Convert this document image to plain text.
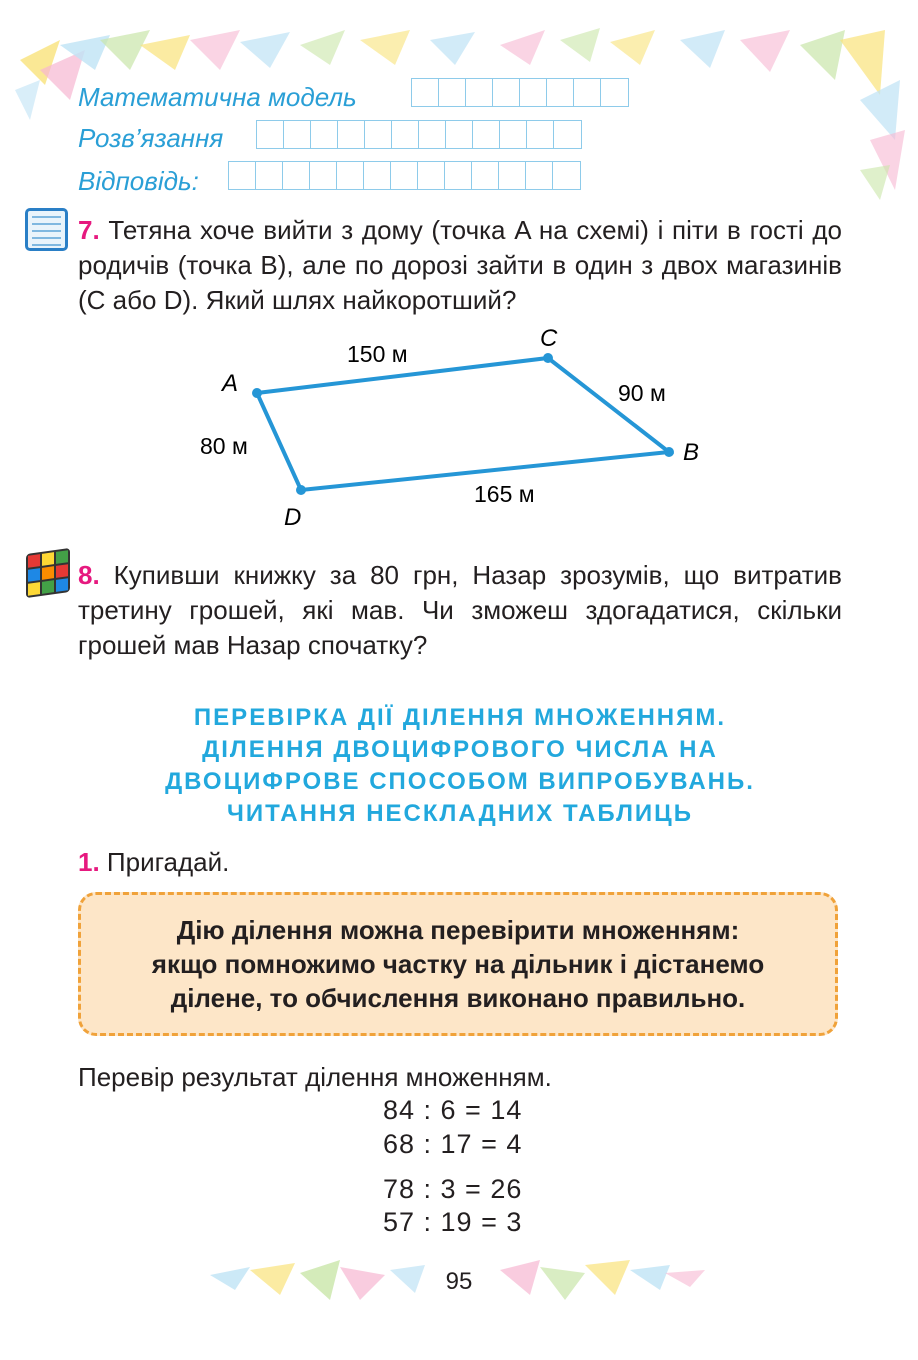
Математична модель
Розв’язання
Відповідь:
7. Тетяна хоче вийти з дому (точка A на схемі) і піти в гості до родичів (точка B), але по дорозі зайти в один з двох магазинів (C або D). Який шлях найкоротший?
A
C
B
D
150 м
90 м
80 м
165 м
8. Купивши книжку за 80 грн, Назар зрозумів, що витратив третину грошей, які мав. Чи зможеш здогадатися, скільки грошей мав Назар спочатку?
ПЕРЕВІРКА ДІЇ ДІЛЕННЯ МНОЖЕННЯМ.
ДІЛЕННЯ ДВОЦИФРОВОГО ЧИСЛА НА
ДВОЦИФРОВЕ СПОСОБОМ ВИПРОБУВАНЬ.
ЧИТАННЯ НЕСКЛАДНИХ ТАБЛИЦЬ
1. Пригадай.
Дію ділення можна перевірити множенням:
якщо помножимо частку на дільник і дістанемо
ділене, то обчислення виконано правильно.
Перевір результат ділення множенням.
84 : 6 = 14
68 : 17 = 4
78 : 3 = 26
57 : 19 = 3
95
